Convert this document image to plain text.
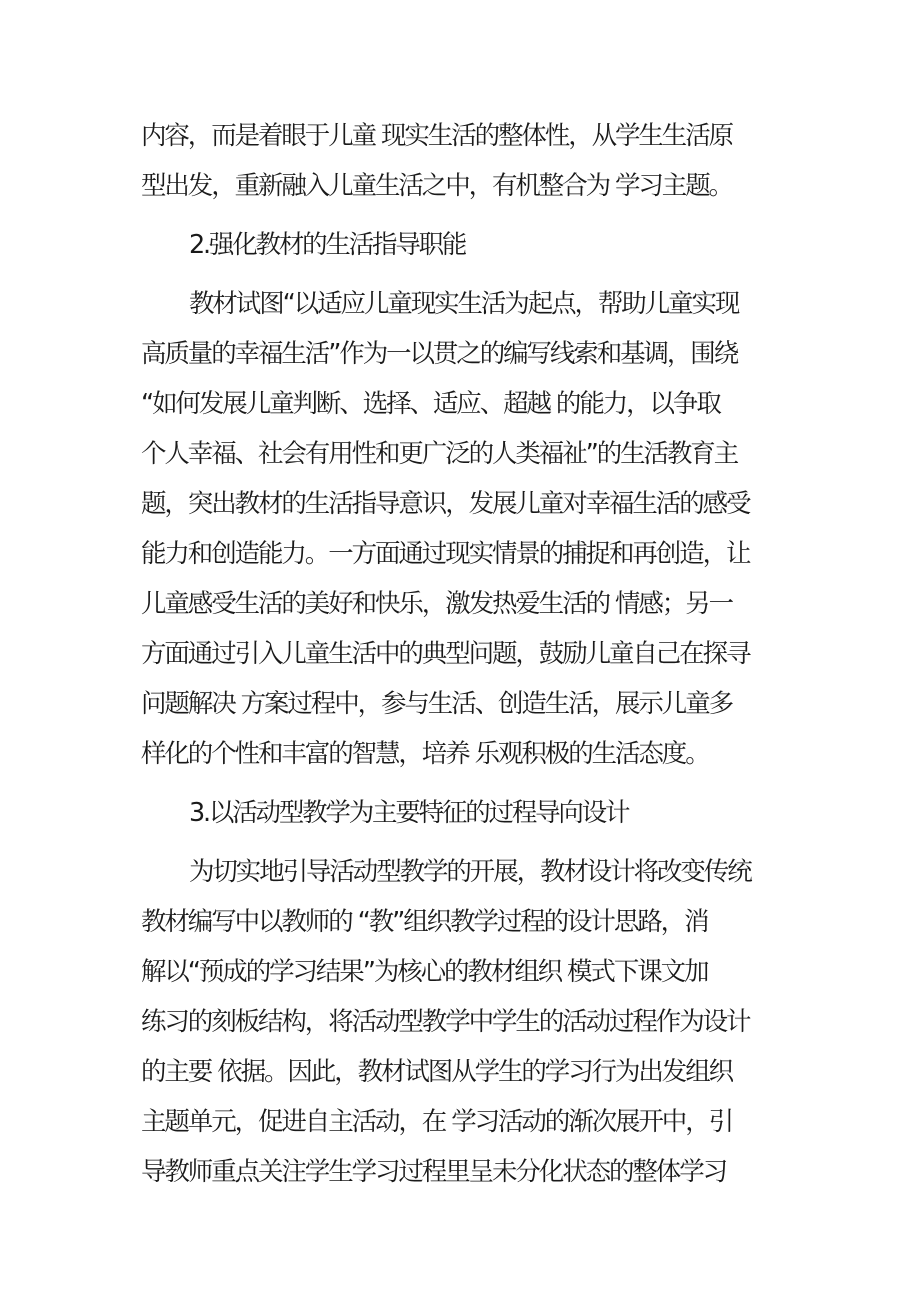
内容，而是着眼于儿童 现实生活的整体性，从学生生活原
型出发，重新融入儿童生活之中，有机整合为 学习主题。
2.强化教材的生活指导职能
教材试图“以适应儿童现实生活为起点，帮助儿童实现
高质量的幸福生活”作为一以贯之的编写线索和基调，围绕
“如何发展儿童判断、选择、适应、超越 的能力，以争取
个人幸福、社会有用性和更广泛的人类福祉”的生活教育主
题，突出教材的生活指导意识，发展儿童对幸福生活的感受
能力和创造能力。一方面通过现实情景的捕捉和再创造，让
儿童感受生活的美好和快乐，激发热爱生活的 情感；另一
方面通过引入儿童生活中的典型问题，鼓励儿童自己在探寻
问题解决 方案过程中，参与生活、创造生活，展示儿童多
样化的个性和丰富的智慧，培养 乐观积极的生活态度。
3.以活动型教学为主要特征的过程导向设计
为切实地引导活动型教学的开展，教材设计将改变传统
教材编写中以教师的 “教”组织教学过程的设计思路，消
解以“预成的学习结果”为核心的教材组织 模式下课文加
练习的刻板结构，将活动型教学中学生的活动过程作为设计
的主要 依据。因此，教材试图从学生的学习行为出发组织
主题单元，促进自主活动，在 学习活动的渐次展开中，引
导教师重点关注学生学习过程里呈未分化状态的整体学习
